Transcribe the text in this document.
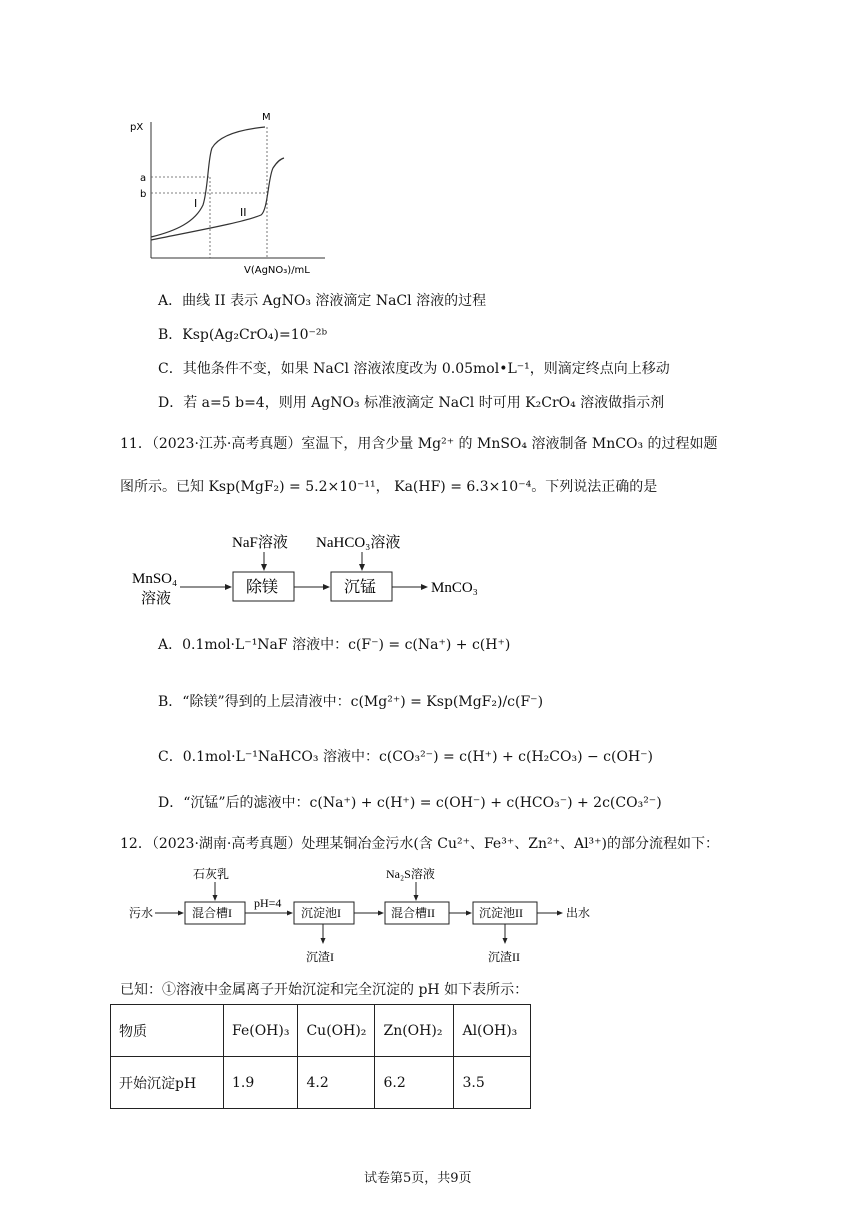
pX
M
a
b
I
II
V(AgNO₃)/mL
A．曲线 II 表示 AgNO₃ 溶液滴定 NaCl 溶液的过程
B．Ksp(Ag₂CrO₄)=10⁻²ᵇ
C．其他条件不变，如果 NaCl 溶液浓度改为 0.05mol•L⁻¹，则滴定终点向上移动
D．若 a=5 b=4，则用 AgNO₃ 标准液滴定 NaCl 时可用 K₂CrO₄ 溶液做指示剂
11．（2023·江苏·高考真题）室温下，用含少量 Mg²⁺ 的 MnSO₄ 溶液制备 MnCO₃ 的过程如题
图所示。已知 Ksp(MgF₂) = 5.2×10⁻¹¹， Ka(HF) = 6.3×10⁻⁴。下列说法正确的是
MnSO₄
溶液
除镁	沉锰	MnCO₃
NaF溶液 NaHCO₃溶液
A．0.1mol·L⁻¹NaF 溶液中：c(F⁻) = c(Na⁺) + c(H⁺)
B．“除镁”得到的上层清液中：c(Mg²⁺) = Ksp(MgF₂)/c(F⁻)
C．0.1mol·L⁻¹NaHCO₃ 溶液中：c(CO₃²⁻) = c(H⁺) + c(H₂CO₃) − c(OH⁻)
D．“沉锰”后的滤液中：c(Na⁺) + c(H⁺) = c(OH⁻) + c(HCO₃⁻) + 2c(CO₃²⁻)
12．（2023·湖南·高考真题）处理某铜冶金污水(含 Cu²⁺、Fe³⁺、Zn²⁺、Al³⁺)的部分流程如下：
污水	混合槽I
石灰乳
pH=4
沉淀池I
沉渣I
混合槽II
Na₂S溶液
沉淀池II
沉渣II
出水
已知：①溶液中金属离子开始沉淀和完全沉淀的 pH 如下表所示：
物质	Fe(OH)₃	Cu(OH)₂	Zn(OH)₂	Al(OH)₃
开始沉淀pH	1.9	4.2	6.2	3.5
试卷第5页，共9页
